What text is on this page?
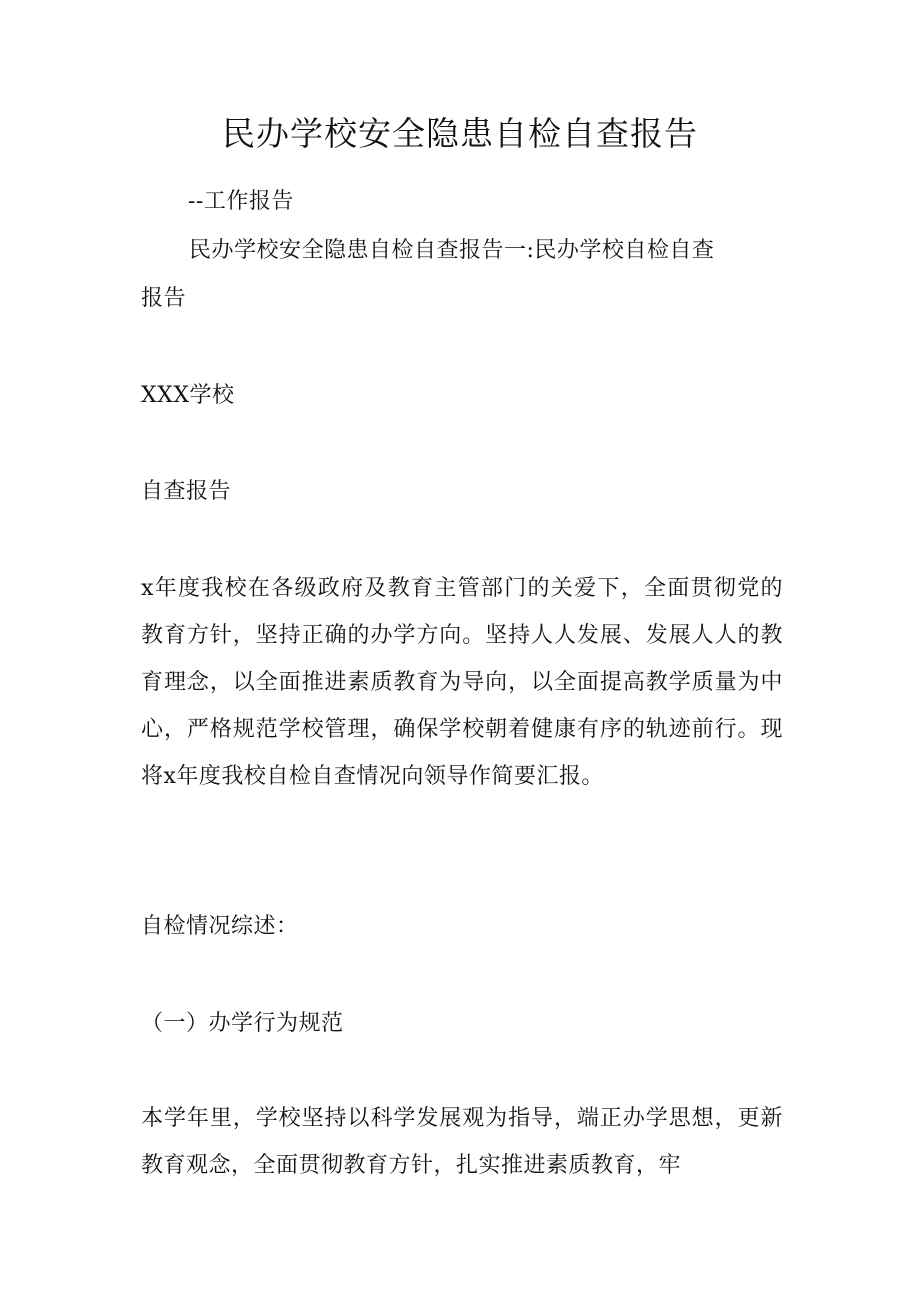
民办学校安全隐患自检自查报告
--工作报告
民办学校安全隐患自检自查报告一:民办学校自检自查
报告
XXX学校
自查报告

x年度我校在各级政府及教育主管部门的关爱下，全面贯彻党的教育方针，坚持正确的办学方向。坚持人人发展、发展人人的教育理念，以全面推进素质教育为导向，以全面提高教学质量为中心，严格规范学校管理，确保学校朝着健康有序的轨迹前行。现将x年度我校自检自查情况向领导作简要汇报。

自检情况综述：
（一）办学行为规范

本学年里，学校坚持以科学发展观为指导，端正办学思想，更新教育观念，全面贯彻教育方针，扎实推进素质教育，牢
